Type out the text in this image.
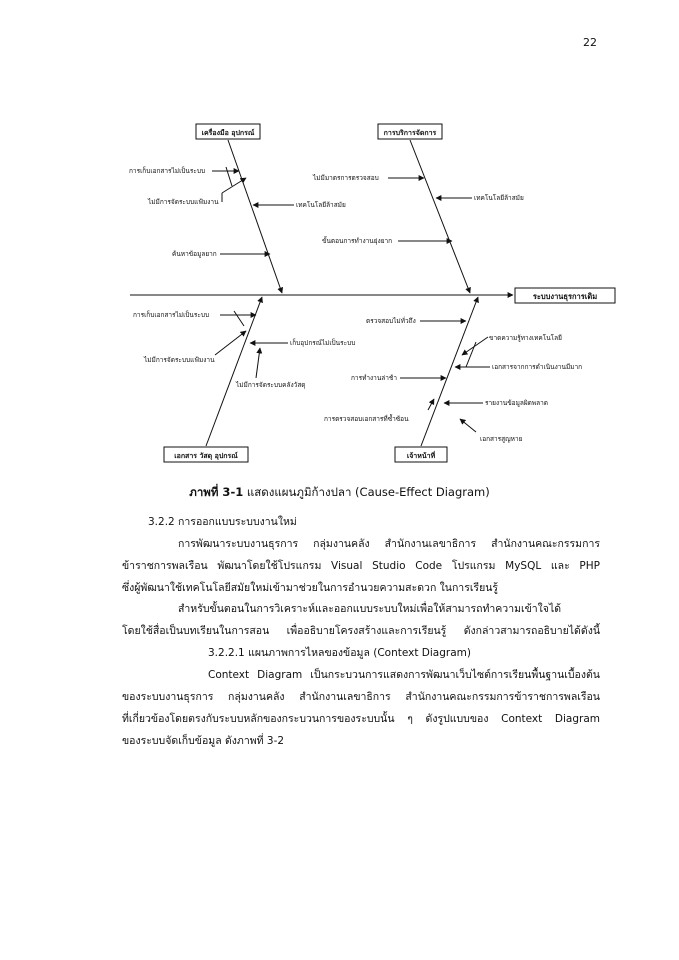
22
ระบบงานธุรการเดิม
เครื่องมือ อุปกรณ์	การบริการจัดการ
เอกสาร วัสดุ อุปกรณ์	เจ้าหน้าที่
การเก็บเอกสารไม่เป็นระบบ
ไม่มีการจัดระบบแฟ้มงาน	เทคโนโลยีล้าสมัย
ค้นหาข้อมูลยาก
ไม่มีมาตรการตรวจสอบ
เทคโนโลยีล้าสมัย
ขั้นตอนการทำงานยุ่งยาก
การเก็บเอกสารไม่เป็นระบบ
เก็บอุปกรณ์ไม่เป็นระบบ
ไม่มีการจัดระบบแฟ้มงาน
ไม่มีการจัดระบบคลังวัสดุ
ตรวจสอบไม่ทั่วถึง
ขาดความรู้ทางเทคโนโลยี
เอกสารจากการดำเนินงานมีมาก
การทำงานล่าช้า
รายงานข้อมูลผิดพลาด
การตรวจสอบเอกสารที่ซ้ำซ้อน
เอกสารสูญหาย
ภาพที่ 3-1 แสดงแผนภูมิก้างปลา (Cause-Effect Diagram)
3.2.2 การออกแบบระบบงานใหม่
การพัฒนาระบบงานธุรการ กลุ่มงานคลัง สำนักงานเลขาธิการ สำนักงานคณะกรรมการ
ข้าราชการพลเรือน พัฒนาโดยใช้โปรแกรม Visual Studio Code โปรแกรม MySQL และ PHP
ซึ่งผู้พัฒนาใช้เทคโนโลยีสมัยใหม่เข้ามาช่วยในการอำนวยความสะดวก ในการเรียนรู้
สำหรับขั้นตอนในการวิเคราะห์และออกแบบระบบใหม่เพื่อให้สามารถทำความเข้าใจได้
โดยใช้สื่อเป็นบทเรียนในการสอน เพื่ออธิบายโครงสร้างและการเรียนรู้ ดังกล่าวสามารถอธิบายได้ดังนี้
3.2.2.1 แผนภาพการไหลของข้อมูล (Context Diagram)
Context Diagram เป็นกระบวนการแสดงการพัฒนาเว็บไซต์การเรียนพื้นฐานเบื้องต้น
ของระบบงานธุรการ กลุ่มงานคลัง สำนักงานเลขาธิการ สำนักงานคณะกรรมการข้าราชการพลเรือน
ที่เกี่ยวข้องโดยตรงกับระบบหลักของกระบวนการของระบบนั้น ๆ ดังรูปแบบของ Context Diagram
ของระบบจัดเก็บข้อมูล ดังภาพที่ 3-2
